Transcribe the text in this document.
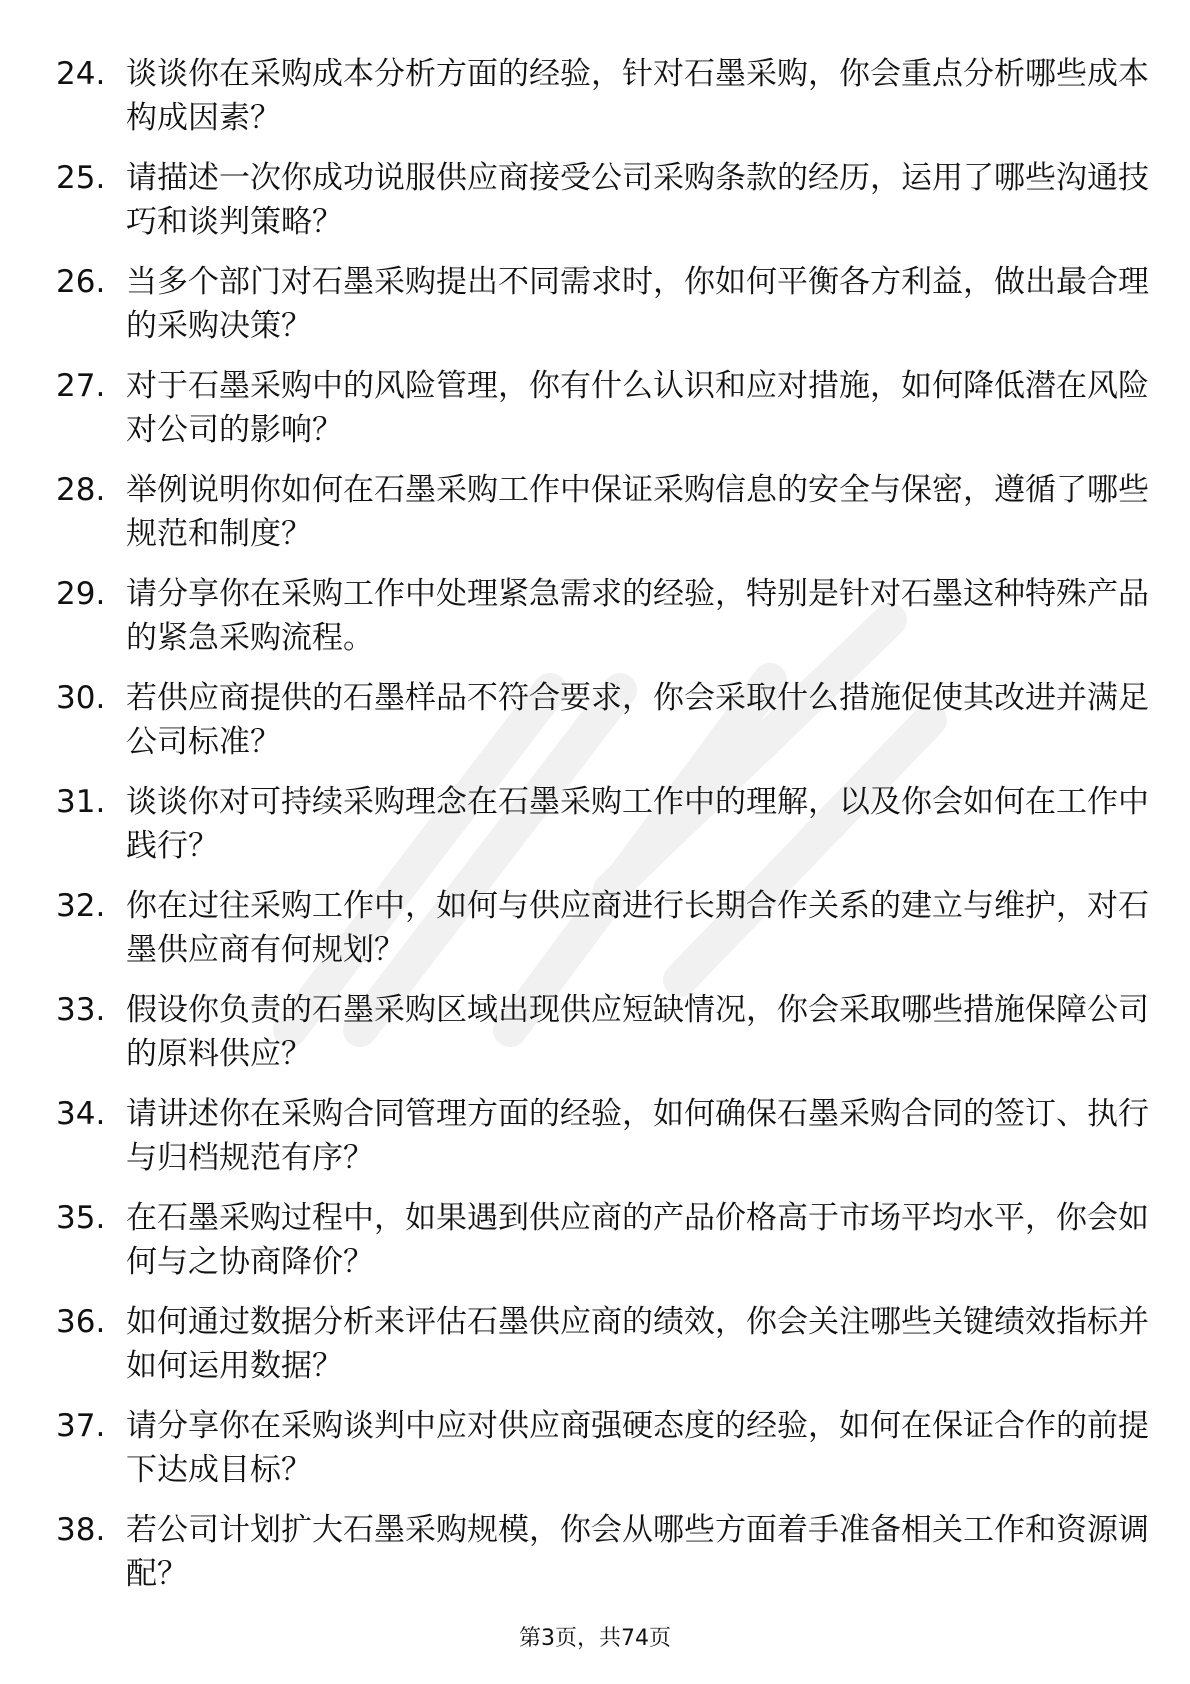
24. 谈谈你在采购成本分析方面的经验，针对石墨采购，你会重点分析哪些成本构成因素？
25. 请描述一次你成功说服供应商接受公司采购条款的经历，运用了哪些沟通技巧和谈判策略？
26. 当多个部门对石墨采购提出不同需求时，你如何平衡各方利益，做出最合理的采购决策？
27. 对于石墨采购中的风险管理，你有什么认识和应对措施，如何降低潜在风险对公司的影响？
28. 举例说明你如何在石墨采购工作中保证采购信息的安全与保密，遵循了哪些规范和制度？
29. 请分享你在采购工作中处理紧急需求的经验，特别是针对石墨这种特殊产品的紧急采购流程。
30. 若供应商提供的石墨样品不符合要求，你会采取什么措施促使其改进并满足公司标准？
31. 谈谈你对可持续采购理念在石墨采购工作中的理解，以及你会如何在工作中践行？
32. 你在过往采购工作中，如何与供应商进行长期合作关系的建立与维护，对石墨供应商有何规划？
33. 假设你负责的石墨采购区域出现供应短缺情况，你会采取哪些措施保障公司的原料供应？
34. 请讲述你在采购合同管理方面的经验，如何确保石墨采购合同的签订、执行与归档规范有序？
35. 在石墨采购过程中，如果遇到供应商的产品价格高于市场平均水平，你会如何与之协商降价？
36. 如何通过数据分析来评估石墨供应商的绩效，你会关注哪些关键绩效指标并如何运用数据？
37. 请分享你在采购谈判中应对供应商强硬态度的经验，如何在保证合作的前提下达成目标？
38. 若公司计划扩大石墨采购规模，你会从哪些方面着手准备相关工作和资源调配？
第3页，共74页
